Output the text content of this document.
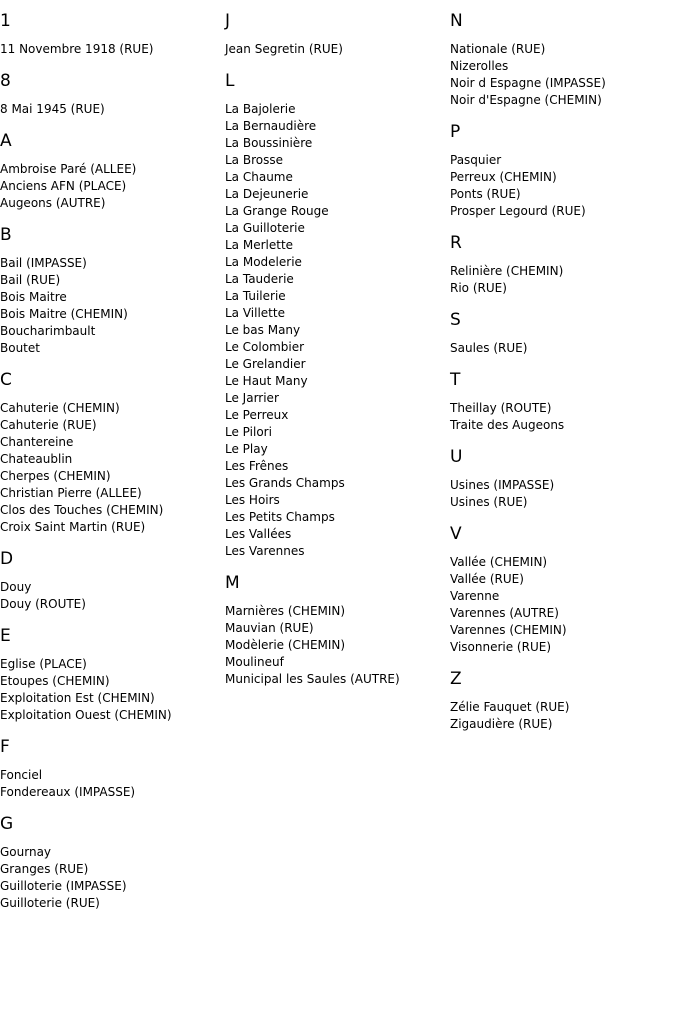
1
11 Novembre 1918 (RUE)
8
8 Mai 1945 (RUE)
A
Ambroise Paré (ALLEE)
Anciens AFN (PLACE)
Augeons (AUTRE)
B
Bail (IMPASSE)
Bail (RUE)
Bois Maitre
Bois Maitre (CHEMIN)
Boucharimbault
Boutet
C
Cahuterie (CHEMIN)
Cahuterie (RUE)
Chantereine
Chateaublin
Cherpes (CHEMIN)
Christian Pierre (ALLEE)
Clos des Touches (CHEMIN)
Croix Saint Martin (RUE)
D
Douy
Douy (ROUTE)
E
Eglise (PLACE)
Etoupes (CHEMIN)
Exploitation Est (CHEMIN)
Exploitation Ouest (CHEMIN)
F
Fonciel
Fondereaux (IMPASSE)
G
Gournay
Granges (RUE)
Guilloterie (IMPASSE)
Guilloterie (RUE)
J
Jean Segretin (RUE)
L
La Bajolerie
La Bernaudière
La Boussinière
La Brosse
La Chaume
La Dejeunerie
La Grange Rouge
La Guilloterie
La Merlette
La Modelerie
La Tauderie
La Tuilerie
La Villette
Le bas Many
Le Colombier
Le Grelandier
Le Haut Many
Le Jarrier
Le Perreux
Le Pilori
Le Play
Les Frênes
Les Grands Champs
Les Hoirs
Les Petits Champs
Les Vallées
Les Varennes
M
Marnières (CHEMIN)
Mauvian (RUE)
Modèlerie (CHEMIN)
Moulineuf
Municipal les Saules (AUTRE)
N
Nationale (RUE)
Nizerolles
Noir d Espagne (IMPASSE)
Noir d'Espagne (CHEMIN)
P
Pasquier
Perreux (CHEMIN)
Ponts (RUE)
Prosper Legourd (RUE)
R
Relinière (CHEMIN)
Rio (RUE)
S
Saules (RUE)
T
Theillay (ROUTE)
Traite des Augeons
U
Usines (IMPASSE)
Usines (RUE)
V
Vallée (CHEMIN)
Vallée (RUE)
Varenne
Varennes (AUTRE)
Varennes (CHEMIN)
Visonnerie (RUE)
Z
Zélie Fauquet (RUE)
Zigaudière (RUE)
